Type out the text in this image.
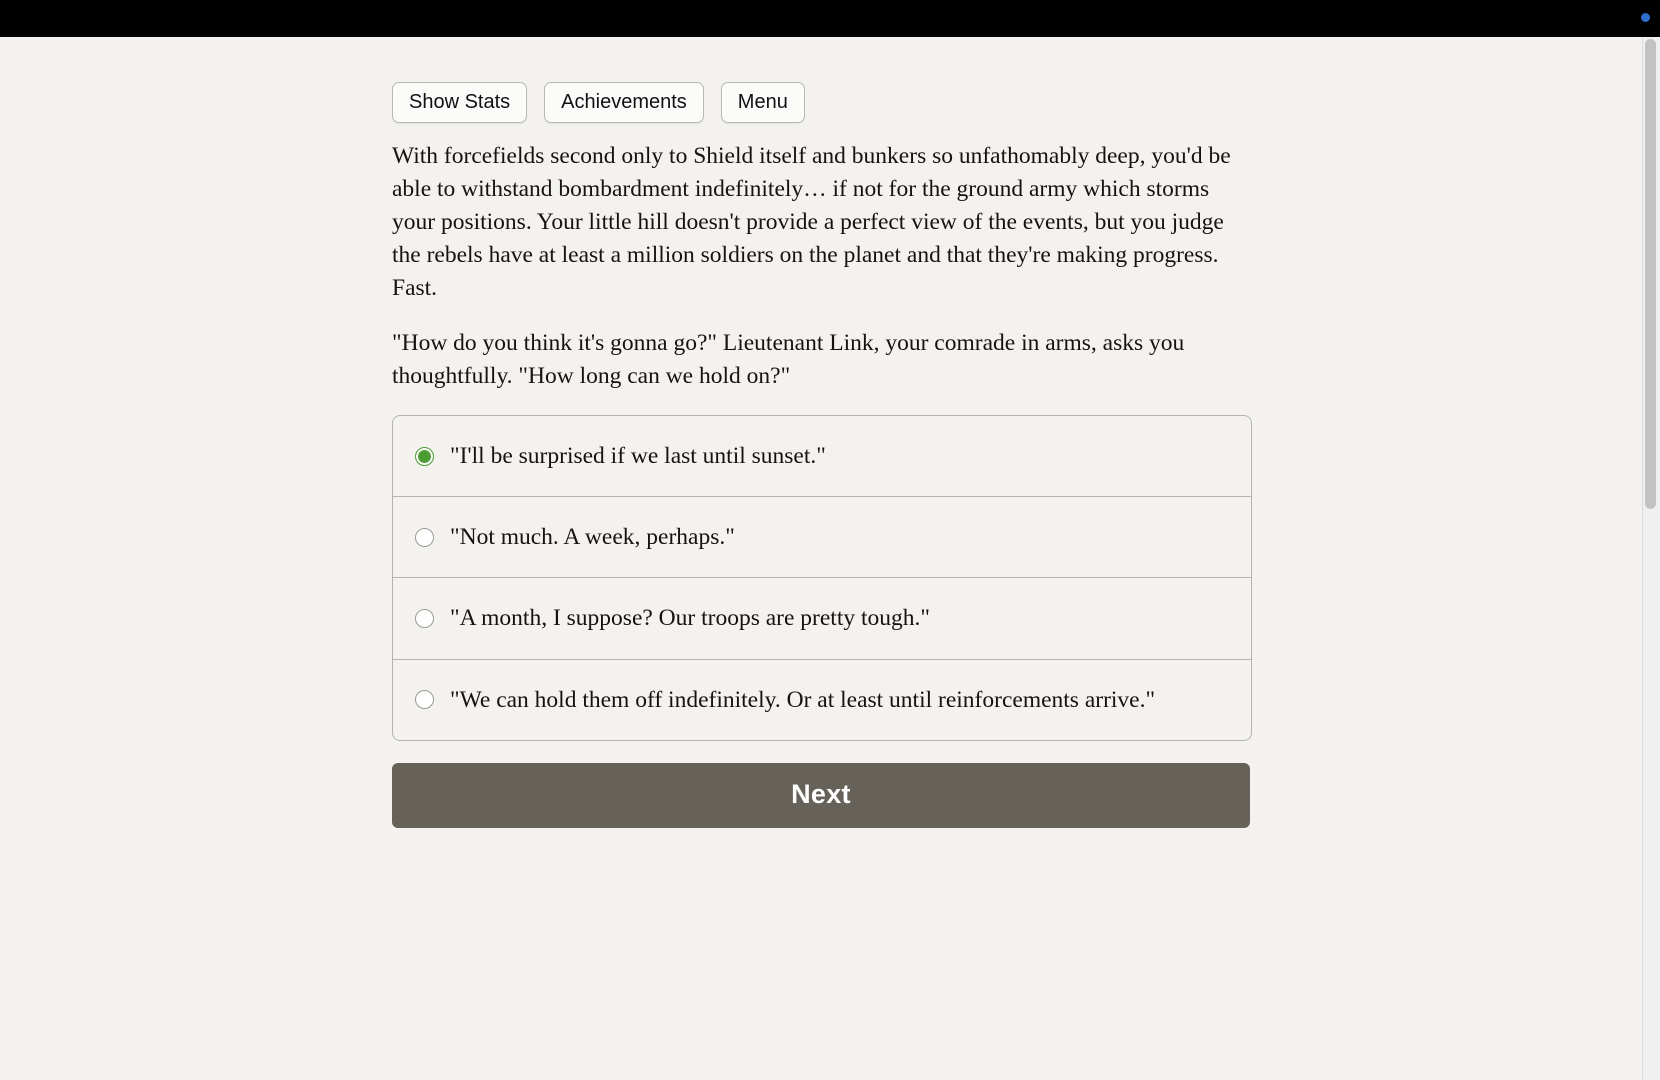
Show Stats	Achievements	Menu

With forcefields second only to Shield itself and bunkers so unfathomably deep, you'd be able to withstand bombardment indefinitely… if not for the ground army which storms your positions. Your little hill doesn't provide a perfect view of the events, but you judge the rebels have at least a million soldiers on the planet and that they're making progress. Fast.

"How do you think it's gonna go?" Lieutenant Link, your comrade in arms, asks you thoughtfully. "How long can we hold on?"

"I'll be surprised if we last until sunset."
"Not much. A week, perhaps."
"A month, I suppose? Our troops are pretty tough."
"We can hold them off indefinitely. Or at least until reinforcements arrive."
Next
